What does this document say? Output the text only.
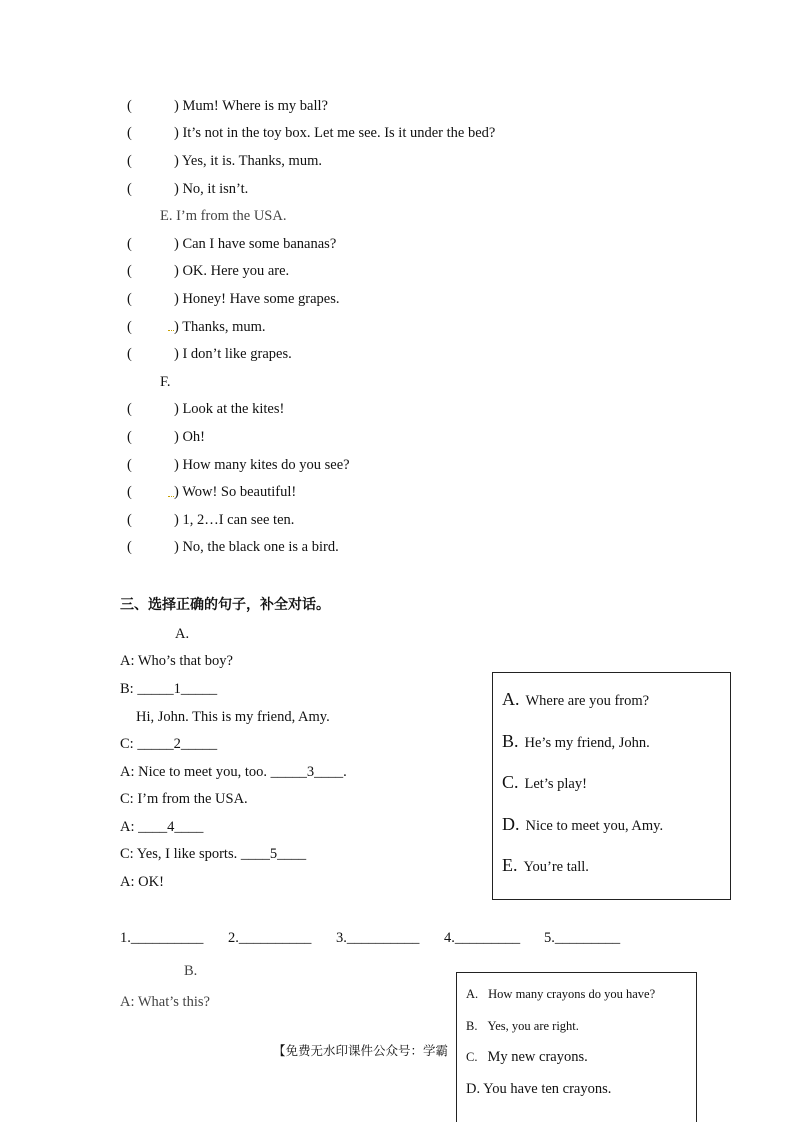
(	) Mum! Where is my ball?
(	) It’s not in the toy box. Let me see. Is it under the bed?
(	) Yes, it is. Thanks, mum.
(	) No, it isn’t.
E. I’m from the USA.
(	) Can I have some bananas?
(	) OK. Here you are.
(	) Honey! Have some grapes.
(	) Thanks, mum.
(	) I don’t like grapes.
F.
(	) Look at the kites!
(	) Oh!
(	) How many kites do you see?
(	) Wow! So beautiful!
(	) 1, 2…I can see ten.
(	) No, the black one is a bird.
三、选择正确的句子，补全对话。
A.
A: Who’s that boy?
B: _____1_____
Hi, John. This is my friend, Amy.
C: _____2_____
A: Nice to meet you, too. _____3____.
C: I’m from the USA.
A: ____4____
C: Yes, I like sports. ____5____
A: OK!
A. Where are you from?
B. He’s my friend, John.
C. Let’s play!
D. Nice to meet you, Amy.
E. You’re tall.
1.__________ 2.__________ 3.__________ 4._________ 5._________
B.
A: What’s this?	A. How many crayons do you have?
B. Yes, you are right.
C. My new crayons.
D. You have ten crayons.
【免费无水印课件公众号：学霸
